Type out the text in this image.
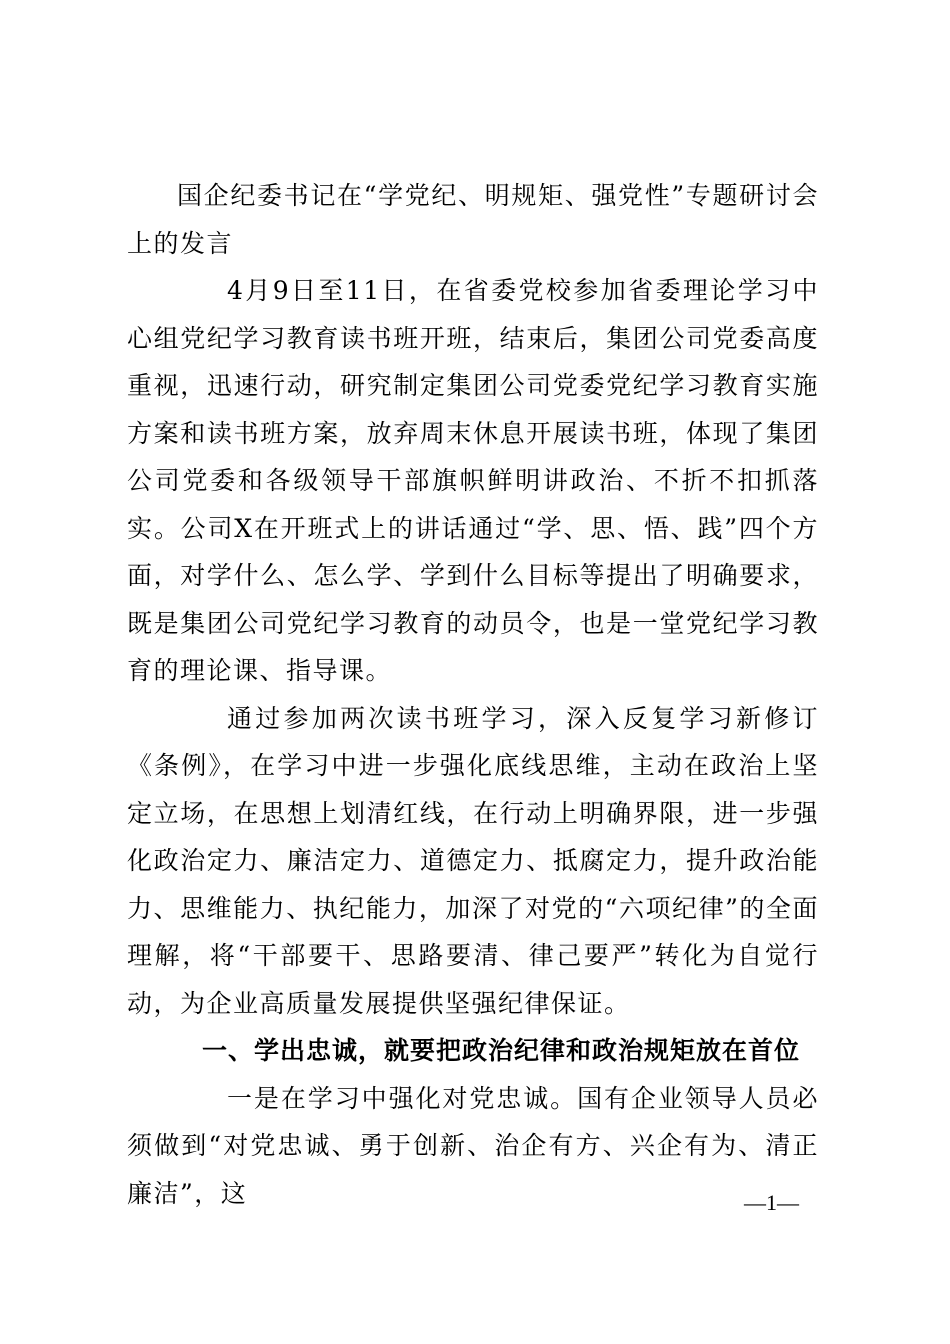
国企纪委书记在“学党纪、明规矩、强党性”专题研讨会上的发言

4月9日至11日，在省委党校参加省委理论学习中心组党纪学习教育读书班开班，结束后，集团公司党委高度重视，迅速行动，研究制定集团公司党委党纪学习教育实施方案和读书班方案，放弃周末休息开展读书班，体现了集团公司党委和各级领导干部旗帜鲜明讲政治、不折不扣抓落实。公司X在开班式上的讲话通过“学、思、悟、践”四个方面，对学什么、怎么学、学到什么目标等提出了明确要求，既是集团公司党纪学习教育的动员令，也是一堂党纪学习教育的理论课、指导课。

通过参加两次读书班学习，深入反复学习新修订《条例》，在学习中进一步强化底线思维，主动在政治上坚定立场，在思想上划清红线，在行动上明确界限，进一步强化政治定力、廉洁定力、道德定力、抵腐定力，提升政治能力、思维能力、执纪能力，加深了对党的“六项纪律”的全面理解，将“干部要干、思路要清、律己要严”转化为自觉行动，为企业高质量发展提供坚强纪律保证。

一、学出忠诚，就要把政治纪律和政治规矩放在首位

一是在学习中强化对党忠诚。国有企业领导人员必须做到“对党忠诚、勇于创新、治企有方、兴企有为、清正廉洁”，这	—1—
